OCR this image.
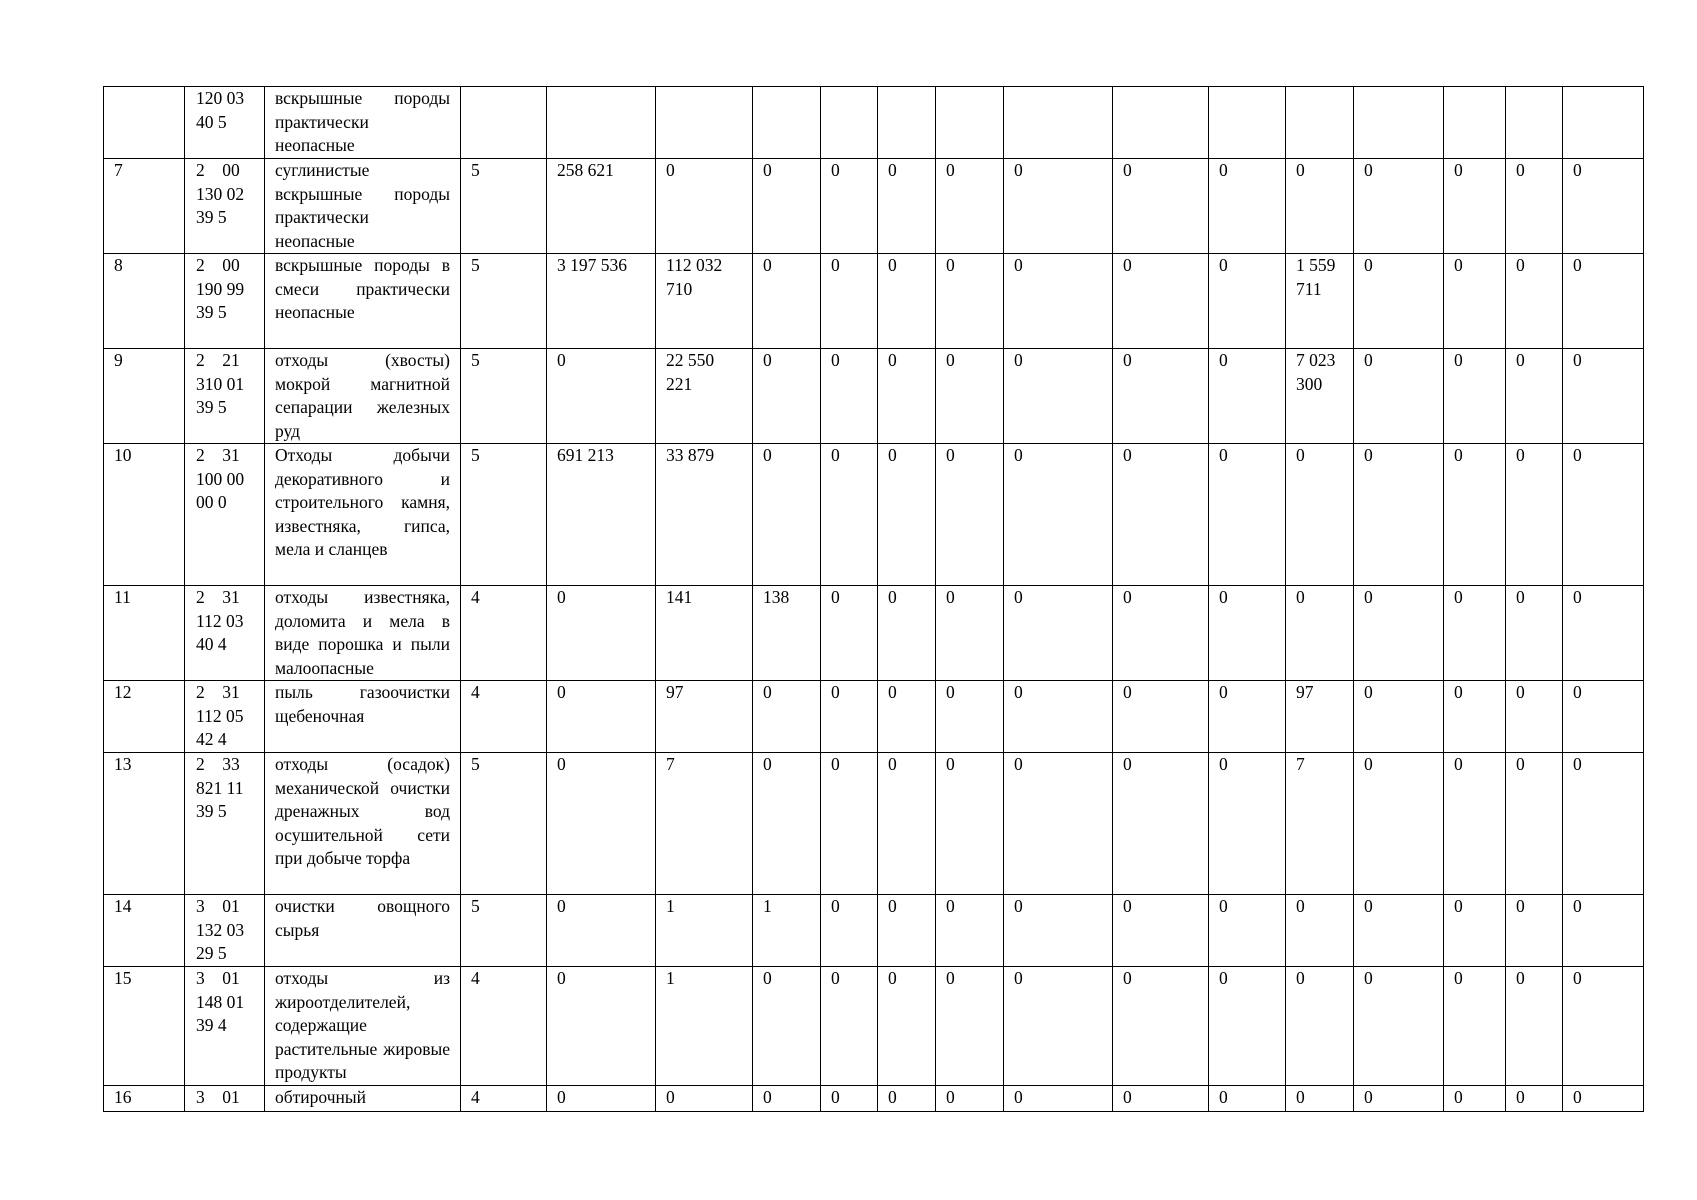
	120 03
40 5	вскрышные породы практически неопасные																
7	2    00
130 02
39 5	суглинистые вскрышные породы практически неопасные	5	258 621	0	0	0	0	0	0	0	0	0	0	0	0	0	
8	2    00
190 99
39 5	вскрышные породы в смеси практически неопасные	5	3 197 536	112 032 710	0	0	0	0	0	0	0	1 559 711	0	0	0	0	
9	2    21
310 01
39 5	отходы (хвосты) мокрой магнитной сепарации железных руд	5	0	22 550 221	0	0	0	0	0	0	0	7 023 300	0	0	0	0	
10	2    31
100 00
00 0	Отходы добычи декоративного и строительного камня, известняка, гипса, мела и сланцев	5	691 213	33 879	0	0	0	0	0	0	0	0	0	0	0	0	
11	2    31
112 03
40 4	отходы известняка, доломита и мела в виде порошка и пыли малоопасные	4	0	141	138	0	0	0	0	0	0	0	0	0	0	0	
12	2    31
112 05
42 4	пыль газоочистки щебеночная	4	0	97	0	0	0	0	0	0	0	97	0	0	0	0	
13	2    33
821 11
39 5	отходы (осадок) механической очистки дренажных вод осушительной сети при добыче торфа	5	0	7	0	0	0	0	0	0	0	7	0	0	0	0	
14	3    01
132 03
29 5	очистки овощного сырья	5	0	1	1	0	0	0	0	0	0	0	0	0	0	0	
15	3    01
148 01
39 4	отходы из жироотделителей, содержащие растительные жировые продукты	4	0	1	0	0	0	0	0	0	0	0	0	0	0	0	
16	3    01	обтирочный	4	0	0	0	0	0	0	0	0	0	0	0	0	0	0	
